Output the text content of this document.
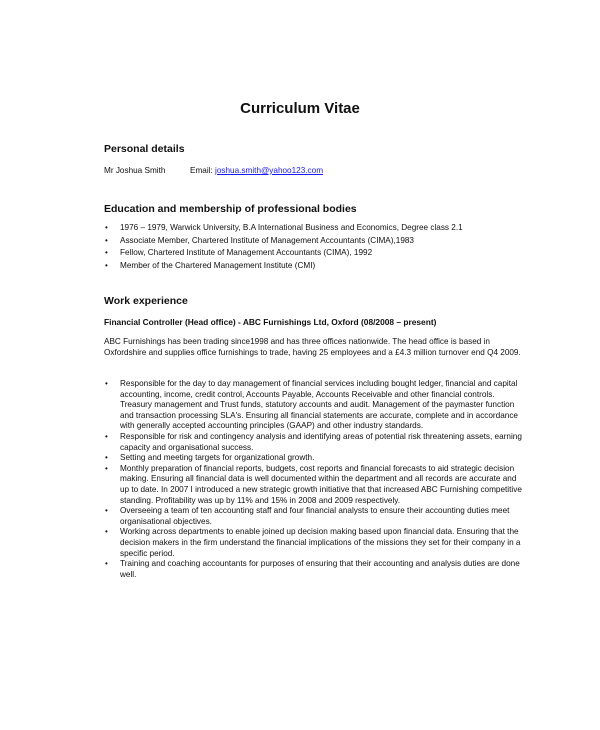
Curriculum Vitae
Personal details
Mr Joshua Smith	Email: joshua.smith@yahoo123.com
Education and membership of professional bodies
• 1976 – 1979, Warwick University, B.A International Business and Economics, Degree class 2.1
• Associate Member, Chartered Institute of Management Accountants (CIMA),1983
• Fellow, Chartered Institute of Management Accountants (CIMA), 1992
• Member of the Chartered Management Institute (CMI)
Work experience
Financial Controller (Head office) - ABC Furnishings Ltd, Oxford (08/2008 – present)
ABC Furnishings has been trading since1998 and has three offices nationwide. The head office is based in Oxfordshire and supplies office furnishings to trade, having 25 employees and a £4.3 million turnover end Q4 2009.
• Responsible for the day to day management of financial services including bought ledger, financial and capital accounting, income, credit control, Accounts Payable, Accounts Receivable and other financial controls. Treasury management and Trust funds, statutory accounts and audit. Management of the paymaster function and transaction processing SLA's. Ensuring all financial statements are accurate, complete and in accordance with generally accepted accounting principles (GAAP) and other industry standards.
• Responsible for risk and contingency analysis and identifying areas of potential risk threatening assets, earning capacity and organisational success.
• Setting and meeting targets for organizational growth.
• Monthly preparation of financial reports, budgets, cost reports and financial forecasts to aid strategic decision making. Ensuring all financial data is well documented within the department and all records are accurate and up to date. In 2007 I introduced a new strategic growth initiative that that increased ABC Furnishing competitive standing. Profitability was up by 11% and 15% in 2008 and 2009 respectively.
• Overseeing a team of ten accounting staff and four financial analysts to ensure their accounting duties meet organisational objectives.
• Working across departments to enable joined up decision making based upon financial data. Ensuring that the decision makers in the firm understand the financial implications of the missions they set for their company in a specific period.
• Training and coaching accountants for purposes of ensuring that their accounting and analysis duties are done well.
